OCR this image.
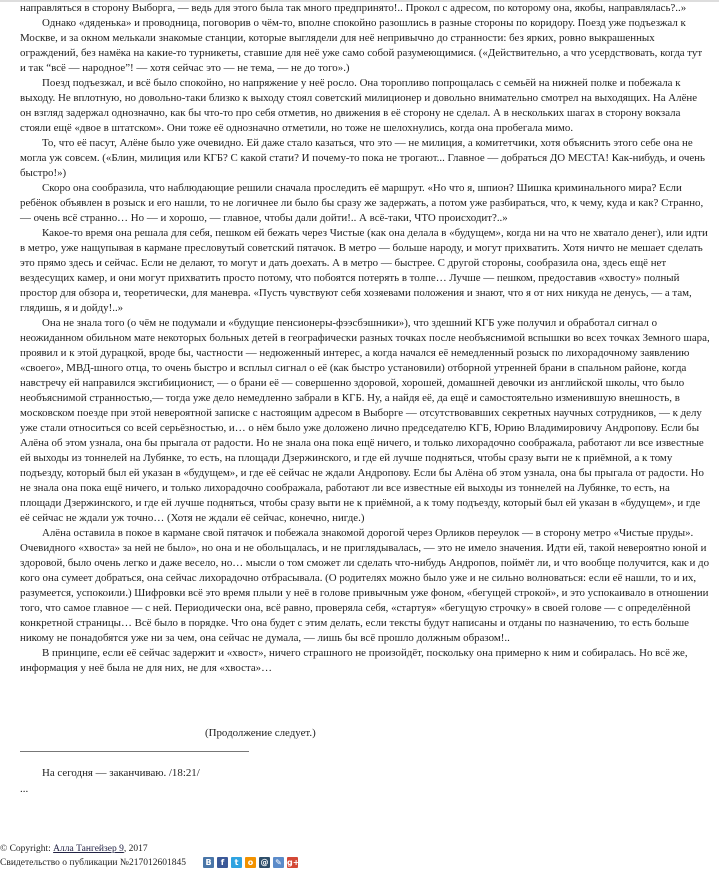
направляться в сторону Выборга, — ведь для этого была так много предпринято!.. Прокол с адресом, по которому она, якобы, направлялась?..»

Однако «дяденька» и проводница, поговорив о чём-то, вполне спокойно разошлись в разные стороны по коридору. Поезд уже подъезжал к Москве, и за окном мелькали знакомые станции, которые выглядели для неё непривычно до странности: без ярких, ровно выкрашенных ограждений, без намёка на какие-то турникеты, ставшие для неё уже само собой разумеющимися. («Действительно, а что усердствовать, когда тут и так “всё — народное”! — хотя сейчас это — не тема, — не до того».)

Поезд подъезжал, и всё было спокойно, но напряжение у неё росло. Она торопливо попрощалась с семьёй на нижней полке и побежала к выходу. Не вплотную, но довольно-таки близко к выходу стоял советский милиционер и довольно внимательно смотрел на выходящих. На Алёне он взгляд задержал однозначно, как бы что-то про себя отметив, но движения в её сторону не сделал. А в нескольких шагах в сторону вокзала стояли ещё «двое в штатском». Они тоже её однозначно отметили, но тоже не шелохнулись, когда она пробегала мимо.

То, что её пасут, Алёне было уже очевидно. Ей даже стало казаться, что это — не милиция, а комитетчики, хотя объяснить этого себе она не могла уж совсем. («Блин, милиция или КГБ? С какой стати? И почему-то пока не трогают... Главное — добраться ДО МЕСТА! Как-нибудь, и очень быстро!»)

Скоро она сообразила, что наблюдающие решили сначала проследить её маршрут. «Но что я, шпион? Шишка криминального мира? Если ребёнок объявлен в розыск и его нашли, то не логичнее ли было бы сразу же задержать, а потом уже разбираться, что, к чему, куда и как? Странно, — очень всё странно… Но — и хорошо, — главное, чтобы дали дойти!.. А всё-таки, ЧТО происходит?..»

Какое-то время она решала для себя, пешком ей бежать через Чистые (как она делала в «будущем», когда ни на что не хватало денег), или идти в метро, уже нащупывая в кармане пресловутый советский пятачок. В метро — больше народу, и могут прихватить. Хотя ничто не мешает сделать это прямо здесь и сейчас. Если не делают, то могут и дать доехать. А в метро — быстрее. С другой стороны, сообразила она, здесь ещё нет вездесущих камер, и они могут прихватить просто потому, что побоятся потерять в толпе… Лучше — пешком, предоставив «хвосту» полный простор для обзора и, теоретически, для маневра. «Пусть чувствуют себя хозяевами положения и знают, что я от них никуда не денусь, — а там, глядишь, я и дойду!..»

Она не знала того (о чём не подумали и «будущие пенсионеры-фээсбэшники»), что здешний КГБ уже получил и обработал сигнал о неожиданном обильном мате некоторых больных детей в географически разных точках после необъяснимой вспышки во всех точках Земного шара, проявил и к этой дурацкой, вроде бы, частности — недюженный интерес, а когда начался её немедленный розыск по лихорадочному заявлению «своего», МВД-шного отца, то очень быстро и всплыл сигнал о её (как быстро установили) отборной утренней брани в спальном районе, когда навстречу ей направился эксгибиционист, — о брани её — совершенно здоровой, хорошей, домашней девочки из английской школы, что было необъяснимой странностью,— тогда уже дело немедленно забрали в КГБ. Ну, а найдя её, да ещё и самостоятельно изменившую внешность, в московском поезде при этой невероятной записке с настоящим адресом в Выборге — отсутствовавших секретных научных сотрудников, — к делу уже стали относиться со всей серьёзностью, и… о нём было уже доложено лично председателю КГБ, Юрию Владимировичу Андропову. Если бы Алёна об этом узнала, она бы прыгала от радости. Но не знала она пока ещё ничего, и только лихорадочно соображала, работают ли все известные ей выходы из тоннелей на Лубянке, то есть, на площади Дзержинского, и где ей лучше подняться, чтобы сразу выти не к приёмной, а к тому подъезду, который был ей указан в «будущем», и где её сейчас не ждали Андропову. Если бы Алёна об этом узнала, она бы прыгала от радости. Но не знала она пока ещё ничего, и только лихорадочно соображала, работают ли все известные ей выходы из тоннелей на Лубянке, то есть, на площади Дзержинского, и где ей лучше подняться, чтобы сразу выти не к приёмной, а к тому подъезду, который был ей указан в «будущем», и где её сейчас не ждали уж точно… (Хотя не ждали её сейчас, конечно, нигде.)

Алёна оставила в покое в кармане свой пятачок и побежала знакомой дорогой через Орликов переулок — в сторону метро «Чистые пруды». Очевидного «хвоста» за ней не было», но она и не обольщалась, и не приглядывалась, — это не имело значения. Идти ей, такой невероятно юной и здоровой, было очень легко и даже весело, но… мысли о том сможет ли сделать что-нибудь Андропов, поймёт ли, и что вообще получится, как и до кого она сумеет добраться, она сейчас лихорадочно отбрасывала. (О родителях можно было уже и не сильно волноваться: если её нашли, то и их, разумеется, успокоили.) Шифровки всё это время плыли у неё в голове привычным уже фоном, «бегущей строкой», и это успокаивало в отношении того, что самое главное — с ней. Периодически она, всё равно, проверяла себя, «стартуя» «бегущую строчку» в своей голове — с определённой конкретной страницы… Всё было в порядке. Что она будет с этим делать, если тексты будут написаны и отданы по назначению, то есть больше никому не понадобятся уже ни за чем, она сейчас не думала, — лишь бы всё прошло должным образом!..

В принципе, если её сейчас задержит и «хвост», ничего страшного не произойдёт, поскольку она примерно к ним и собиралась. Но всё же, информация у неё была не для них, не для «хвоста»…

(Продолжение следует.)
На сегодня — заканчиваю. /18:21/
...
© Copyright: Алла Тангейзер 9, 2017
Свидетельство о публикации №217012601845	В	f	t	о @ ✎ g+
